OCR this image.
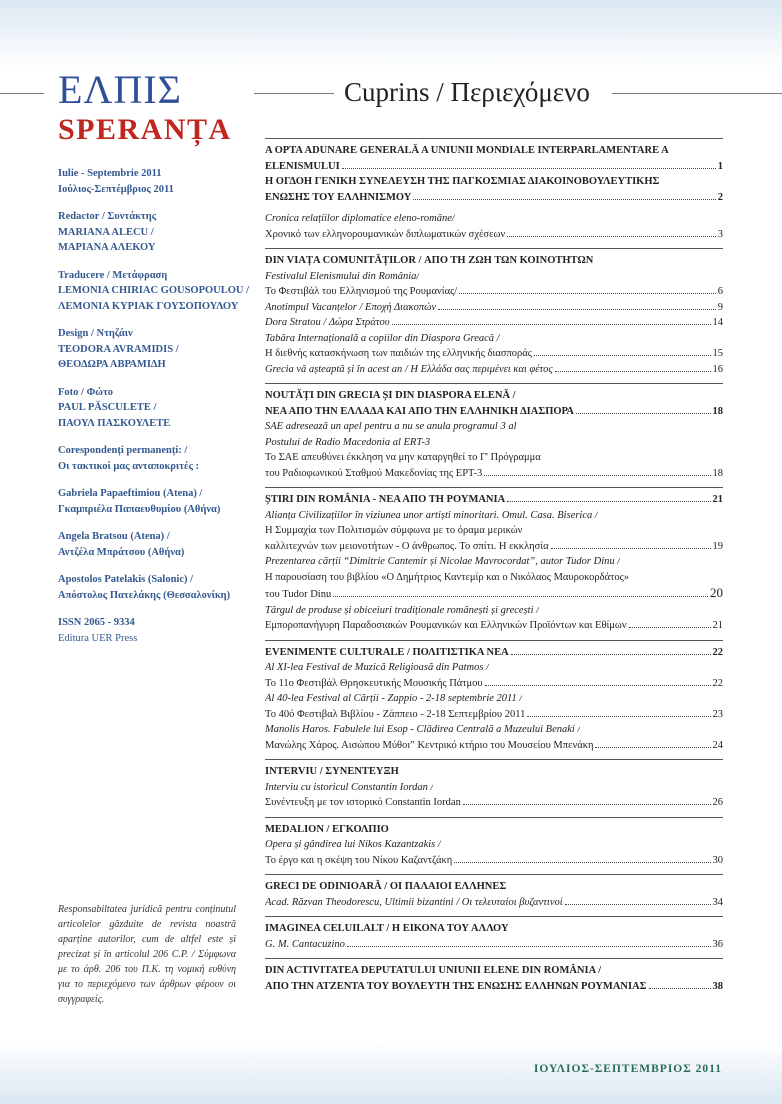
ΕΛΠΙΣ
SPERANȚA
Cuprins / Περιεχόμενο
Iulie - Septembrie 2011
Ιούλιος-Σεπτέμβριος 2011
Redactor / Συντάκτης
MARIANA ALECU /
ΜΑΡΙΑΝΑ ΑΛΕΚΟΥ
Traducere / Μετάφραση
LEMONIA CHIRIAC GOUSOPOULOU /
ΛΕΜΟΝΙΑ ΚΥΡΙΑΚ ΓΟΥΣΟΠΟΥΛΟΥ
Design / Ντηζάιν
TEODORA AVRAMIDIS /
ΘΕΟΔΩΡΑ ΑΒΡΑΜΙΔΗ
Foto / Φώτο
PAUL PĂSCULETE /
ΠΑΟΥΛ ΠΑΣΚΟΥΛΕΤΕ
Corespondenți permanenți: /
Οι τακτικοί μας ανταποκριτές :
Gabriela Papaeftimiou (Atena) /
Γκαμπριέλα Παπαευθυμίου (Αθήνα)
Angela Bratsou (Atena) /
Αντζέλα Μπράτσου (Αθήνα)
Apostolos Patelakis (Salonic) /
Απόστολος Πατελάκης (Θεσσαλονίκη)
ISSN 2065 - 9334
Editura UER Press
Responsabiltatea juridică pentru conținutul articolelor găzduite de revista noastră aparține autorilor, cum de altfel este și precizat și în articolul 206 C.P. / Σύμφωνα με το άρθ. 206 του Π.Κ. τη νομική ευθύνη για το περιεχόμενο των άρθρων φέρουν οι συγγραφείς.
A OPTA ADUNARE GENERALĂ A UNIUNII MONDIALE INTERPARLAMENTARE A
ELENISMULUI	1
Η ΟΓΔΟΗ ΓΕΝΙΚΗ ΣΥΝΕΛΕΥΣΗ ΤΗΣ ΠΑΓΚΟΣΜΙΑΣ ΔΙΑΚΟΙΝΟΒΟΥΛΕΥΤΙΚΗΣ
ΕΝΩΣΗΣ ΤΟΥ ΕΛΛΗΝΙΣΜΟΥ	2
Cronica relațiilor diplomatice eleno-române/
Χρονικό των ελληνορουμανικών διπλωματικών σχέσεων	3
DIN VIAȚA COMUNITĂȚILOR / ΑΠΟ ΤΗ ΖΩΗ ΤΩΝ ΚΟΙΝΟΤΗΤΩΝ
Festivalul Elenismului din România/
Το Φεστιβάλ του Ελληνισμού της Ρουμανίας/	6
Anotimpul Vacanțelor / Εποχή Διακοπών	9
Dora Stratou / Δώρα Στράτου	14
Tabăra Internațională a copiilor din Diaspora Greacă /
Η διεθνής κατασκήνωση των παιδιών της ελληνικής διασποράς	15
Grecia vă așteaptă și în acest an / Η Ελλάδα σας περιμένει και φέτος	16
NOUTĂȚI DIN GRECIA ȘI DIN DIASPORA ELENĂ /
ΝΕΑ ΑΠΟ ΤΗΝ ΕΛΛΑΔΑ ΚΑΙ ΑΠΟ ΤΗΝ ΕΛΛΗΝΙΚΗ ΔΙΑΣΠΟΡΑ	18
SAE adresează un apel pentru a nu se anula programul 3 al
Postului de Radio Macedonia al ERT-3
Το ΣΑΕ απευθύνει έκκληση να μην καταργηθεί το Γ' Πρόγραμμα
του Ραδιοφωνικού Σταθμού Μακεδονίας της ΕΡΤ-3	18
ȘTIRI DIN ROMÂNIA - ΝΕΑ ΑΠΟ ΤΗ ΡΟΥΜΑΝΙΑ	21
Alianța Civilizațiilor în viziunea unor artiști minoritari. Omul. Casa. Biserica /
Η Συμμαχία των Πολιτισμών σύμφωνα με το όραμα μερικών
καλλιτεχνών των μειονοτήτων - Ο άνθρωπος. Το σπίτι. Η εκκλησία	19
Prezentarea cărții “Dimitrie Cantemir și Nicolae Mavrocordat”, autor Tudor Dinu /
Η παρουσίαση του βιβλίου «Ο Δημήτριος Καντεμίρ και ο Νικόλαος Μαυροκορδάτος»
του Tudor Dinu	20
Târgul de produse și obiceiuri tradiționale românești și grecești /
Εμποροπανήγυρη Παραδοσιακών Ρουμανικών και Ελληνικών Προϊόντων και Εθίμων	21
EVENIMENTE CULTURALE / ΠΟΛΙΤΙΣΤΙΚΑ ΝΕΑ	22
Al XI-lea Festival de Muzică Religioasă din Patmos /
Το 11ο Φεστιβάλ Θρησκευτικής Μουσικής Πάτμου	22
Al 40-lea Festival al Cărții - Zappio - 2-18 septembrie 2011 /
Το 40ό Φεστιβαλ Βιβλίου - Ζάππειο - 2-18 Σεπτεμβρίου 2011	23
Manolis Haros. Fabulele lui Esop - Clădirea Centrală a Muzeului Benaki /
Μανώλης Χάρος. Αισώπου Μύθοι” Κεντρικό κτήριο του Μουσείου Μπενάκη	24
INTERVIU / ΣΥΝΕΝΤΕΥΞΗ
Interviu cu istoricul Constantin Iordan /
Συνέντευξη με τον ιστορικό Constantin Iordan	26
MEDALION / ΕΓΚΟΛΠΙΟ
Opera și gândirea lui Nikos Kazantzakis /
Το έργο και η σκέψη του Νίκου Καζαντζάκη	30
GRECI DE ODINIOARĂ / ΟΙ ΠΑΛΑΙΟΙ ΕΛΛΗΝΕΣ
Acad. Răzvan Theodorescu, Ultimii bizantini / Οι τελευταίοι βυζαντινοί	34
IMAGINEA CELUILALT / Η ΕΙΚΟΝΑ ΤΟΥ ΑΛΛΟΥ
G. M. Cantacuzino	36
DIN ACTIVITATEA DEPUTATULUI UNIUNII ELENE DIN ROMÂNIA /
ΑΠΟ ΤΗΝ ΑΤΖΕΝΤΑ ΤΟΥ ΒΟΥΛΕΥΤΗ ΤΗΣ ΕΝΩΣΗΣ ΕΛΛΗΝΩΝ ΡΟΥΜΑΝΙΑΣ	38
ΙΟΥΛΙΟΣ-ΣΕΠΤΕΜΒΡΙΟΣ 2011
